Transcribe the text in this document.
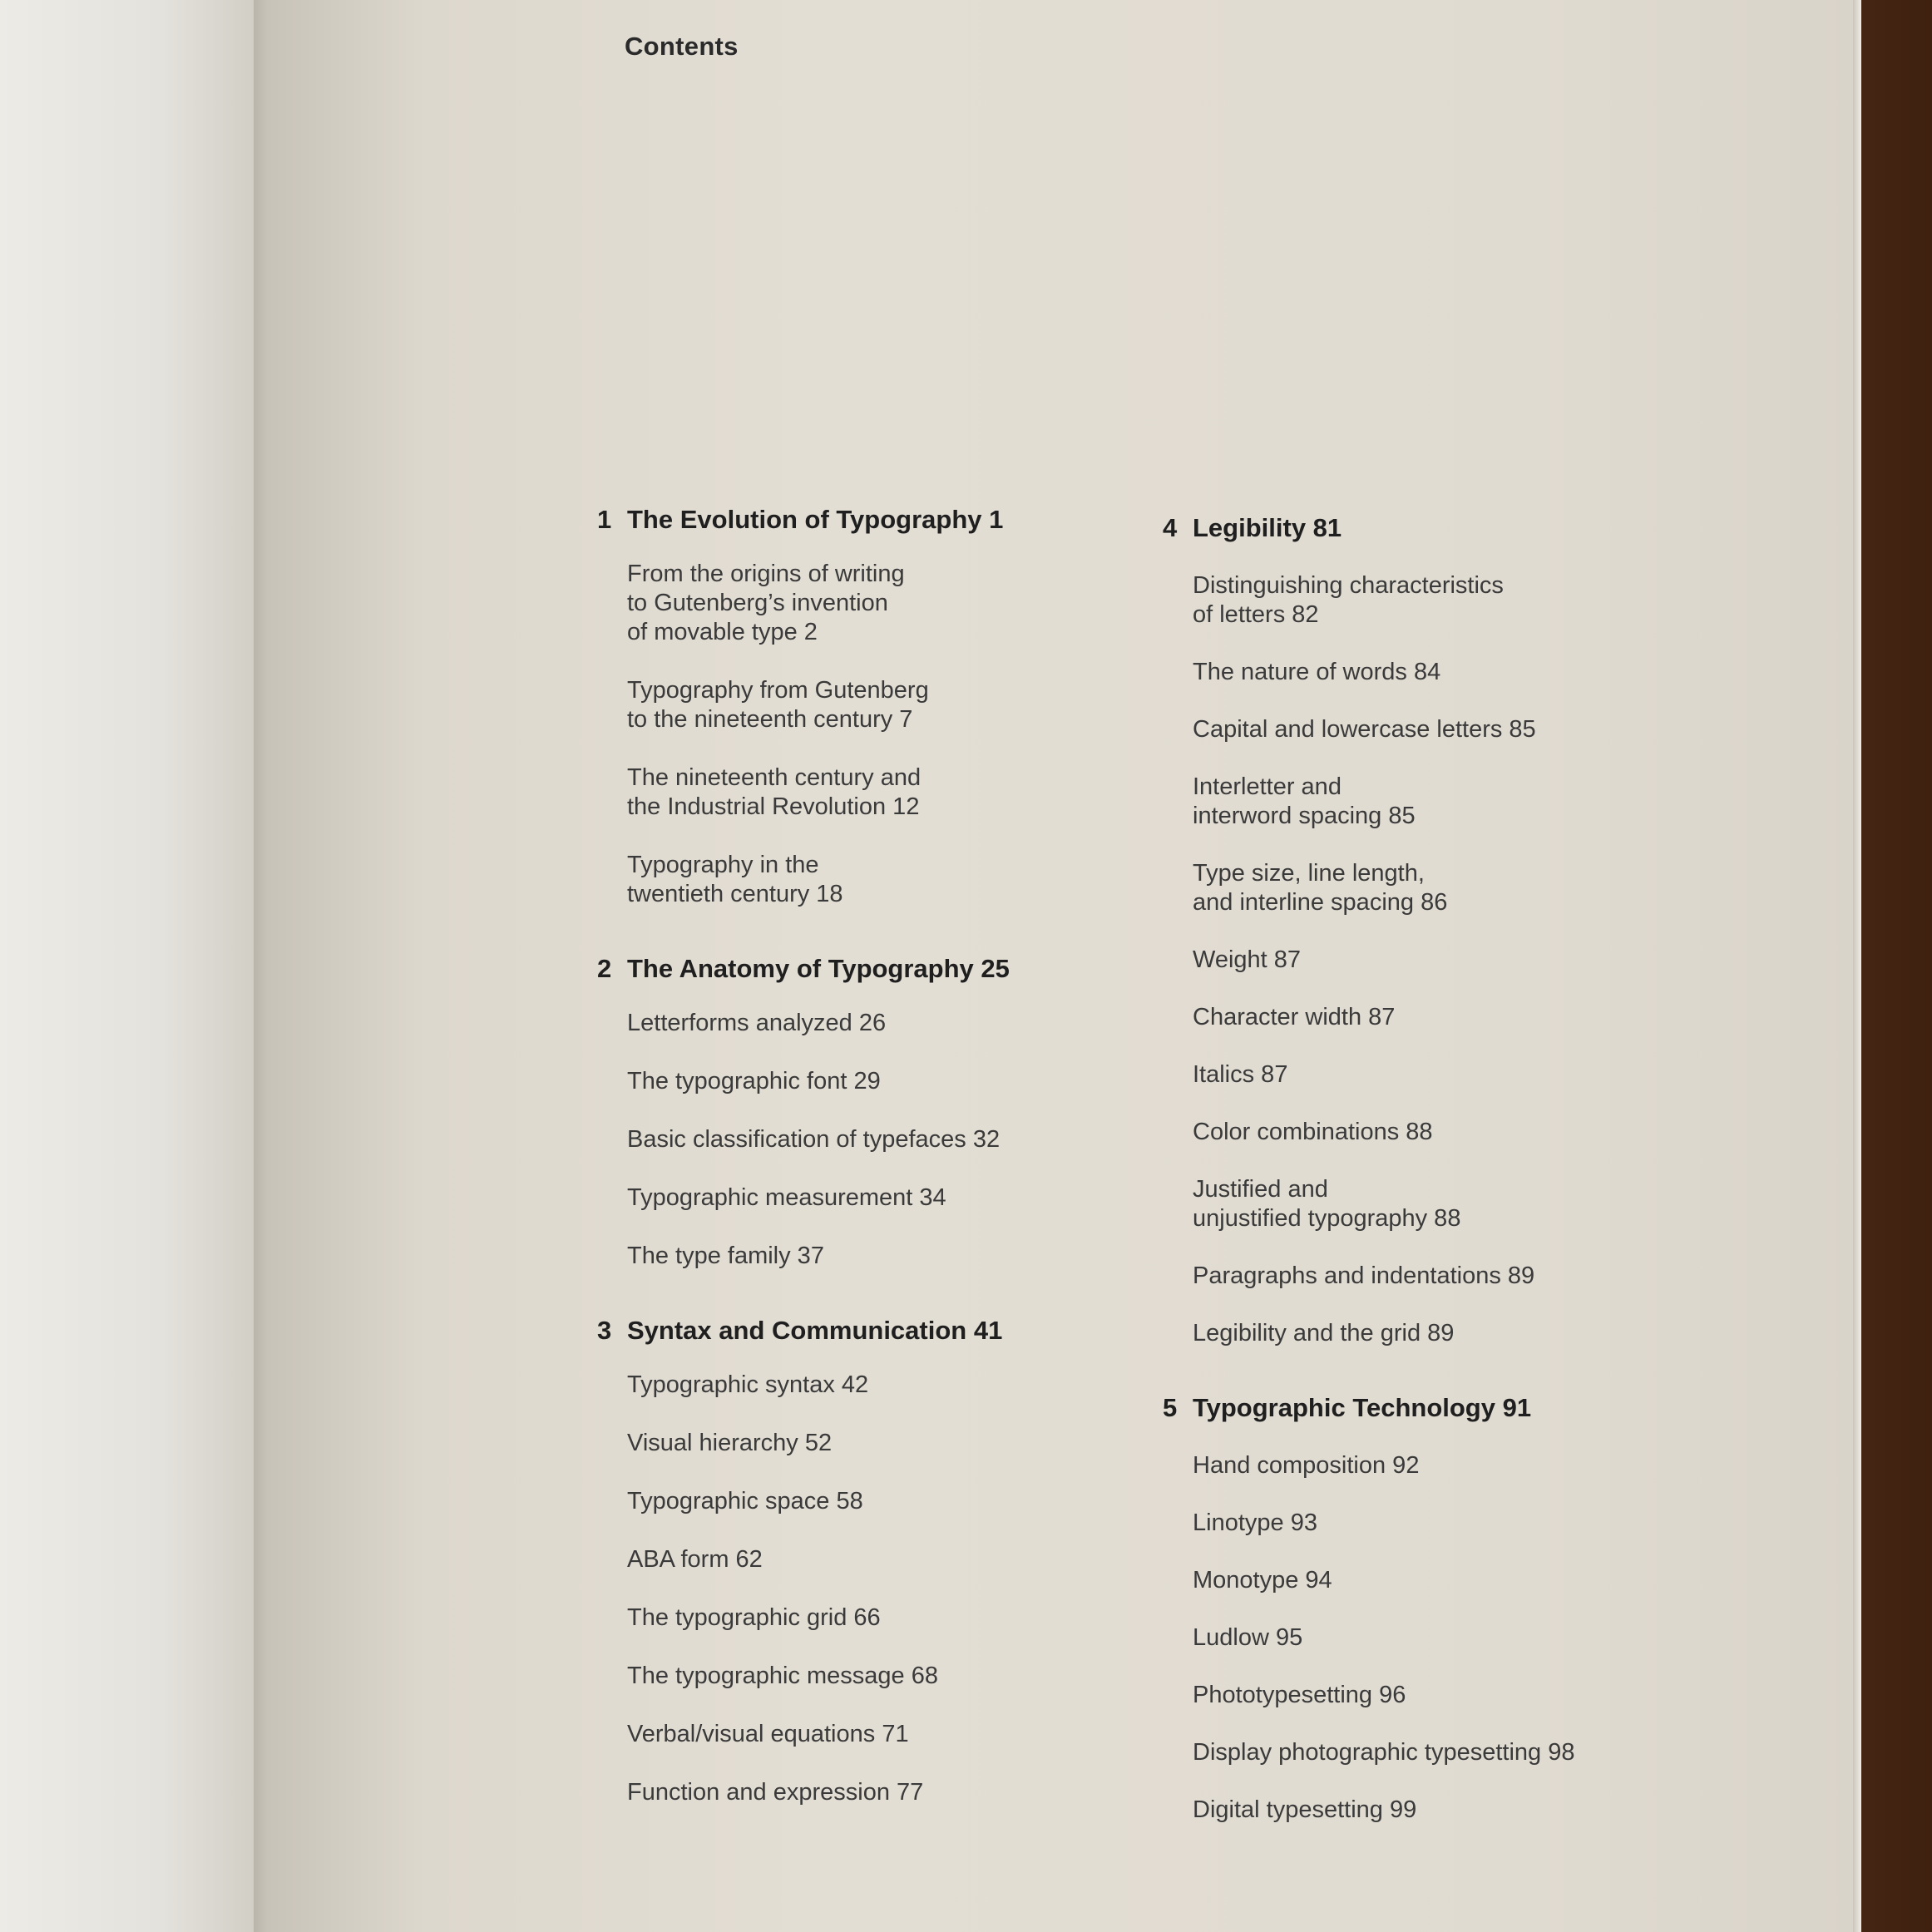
Contents
1 The Evolution of Typography 1
From the origins of writing
to Gutenberg’s invention
of movable type 2
Typography from Gutenberg
to the nineteenth century 7
The nineteenth century and
the Industrial Revolution 12
Typography in the
twentieth century 18
2 The Anatomy of Typography 25
Letterforms analyzed 26
The typographic font 29
Basic classification of typefaces 32
Typographic measurement 34
The type family 37
3 Syntax and Communication 41
Typographic syntax 42
Visual hierarchy 52
Typographic space 58
ABA form 62
The typographic grid 66
The typographic message 68
Verbal/visual equations 71
Function and expression 77
4 Legibility 81
Distinguishing characteristics
of letters 82
The nature of words 84
Capital and lowercase letters 85
Interletter and
interword spacing 85
Type size, line length,
and interline spacing 86
Weight 87
Character width 87
Italics 87
Color combinations 88
Justified and
unjustified typography 88
Paragraphs and indentations 89
Legibility and the grid 89
5 Typographic Technology 91
Hand composition 92
Linotype 93
Monotype 94
Ludlow 95
Phototypesetting 96
Display photographic typesetting 98
Digital typesetting 99
